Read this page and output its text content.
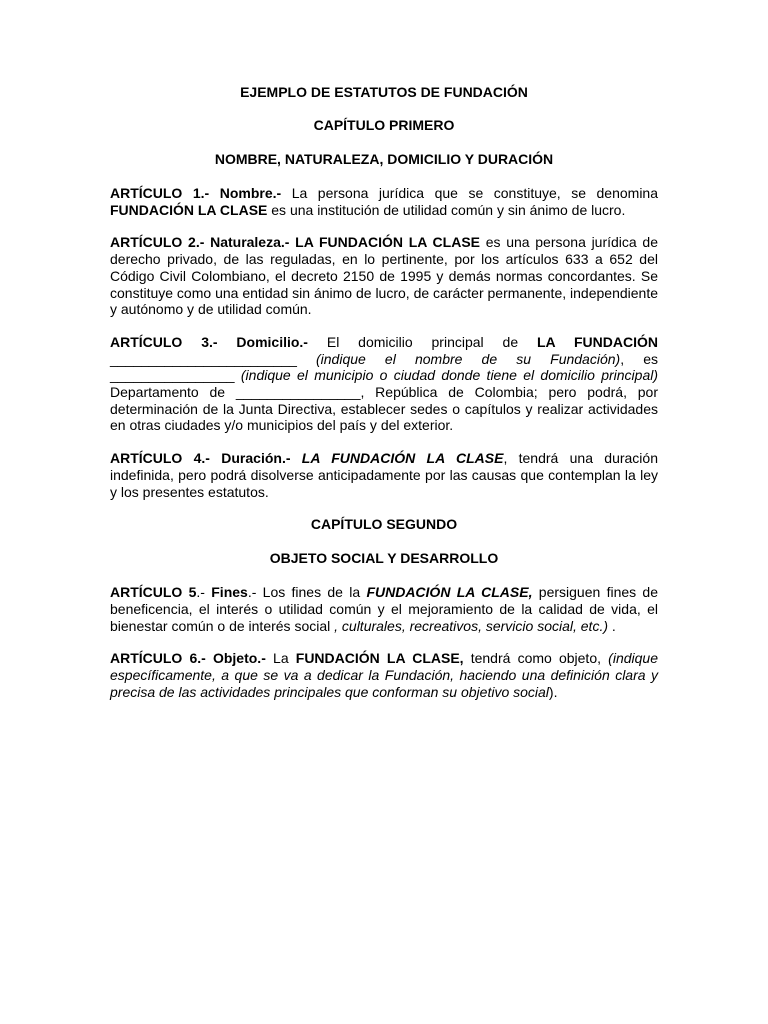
EJEMPLO DE ESTATUTOS DE FUNDACIÓN

CAPÍTULO PRIMERO

NOMBRE, NATURALEZA, DOMICILIO Y DURACIÓN

ARTÍCULO 1.- Nombre.- La persona jurídica que se constituye, se denomina FUNDACIÓN LA CLASE es una institución de utilidad común y sin ánimo de lucro.

ARTÍCULO 2.- Naturaleza.- LA FUNDACIÓN LA CLASE es una persona jurídica de derecho privado, de las reguladas, en lo pertinente, por los artículos 633 a 652 del Código Civil Colombiano, el decreto 2150 de 1995 y demás normas concordantes. Se constituye como una entidad sin ánimo de lucro, de carácter permanente, independiente y autónomo y de utilidad común.

ARTÍCULO 3.- Domicilio.- El domicilio principal de LA FUNDACIÓN ________________________ (indique el nombre de su Fundación), es ________________ (indique el municipio o ciudad donde tiene el domicilio principal) Departamento de ________________, República de Colombia; pero podrá, por determinación de la Junta Directiva, establecer sedes o capítulos y realizar actividades en otras ciudades y/o municipios del país y del exterior.

ARTÍCULO 4.- Duración.- LA FUNDACIÓN LA CLASE, tendrá una duración indefinida, pero podrá disolverse anticipadamente por las causas que contemplan la ley y los presentes estatutos.

CAPÍTULO SEGUNDO

OBJETO SOCIAL Y DESARROLLO

ARTÍCULO 5.- Fines.- Los fines de la FUNDACIÓN LA CLASE, persiguen fines de beneficencia, el interés o utilidad común y el mejoramiento de la calidad de vida, el bienestar común o de interés social , culturales, recreativos, servicio social, etc.) .

ARTÍCULO 6.- Objeto.- La FUNDACIÓN LA CLASE, tendrá como objeto, (indique específicamente, a que se va a dedicar la Fundación, haciendo una definición clara y precisa de las actividades principales que conforman su objetivo social).
